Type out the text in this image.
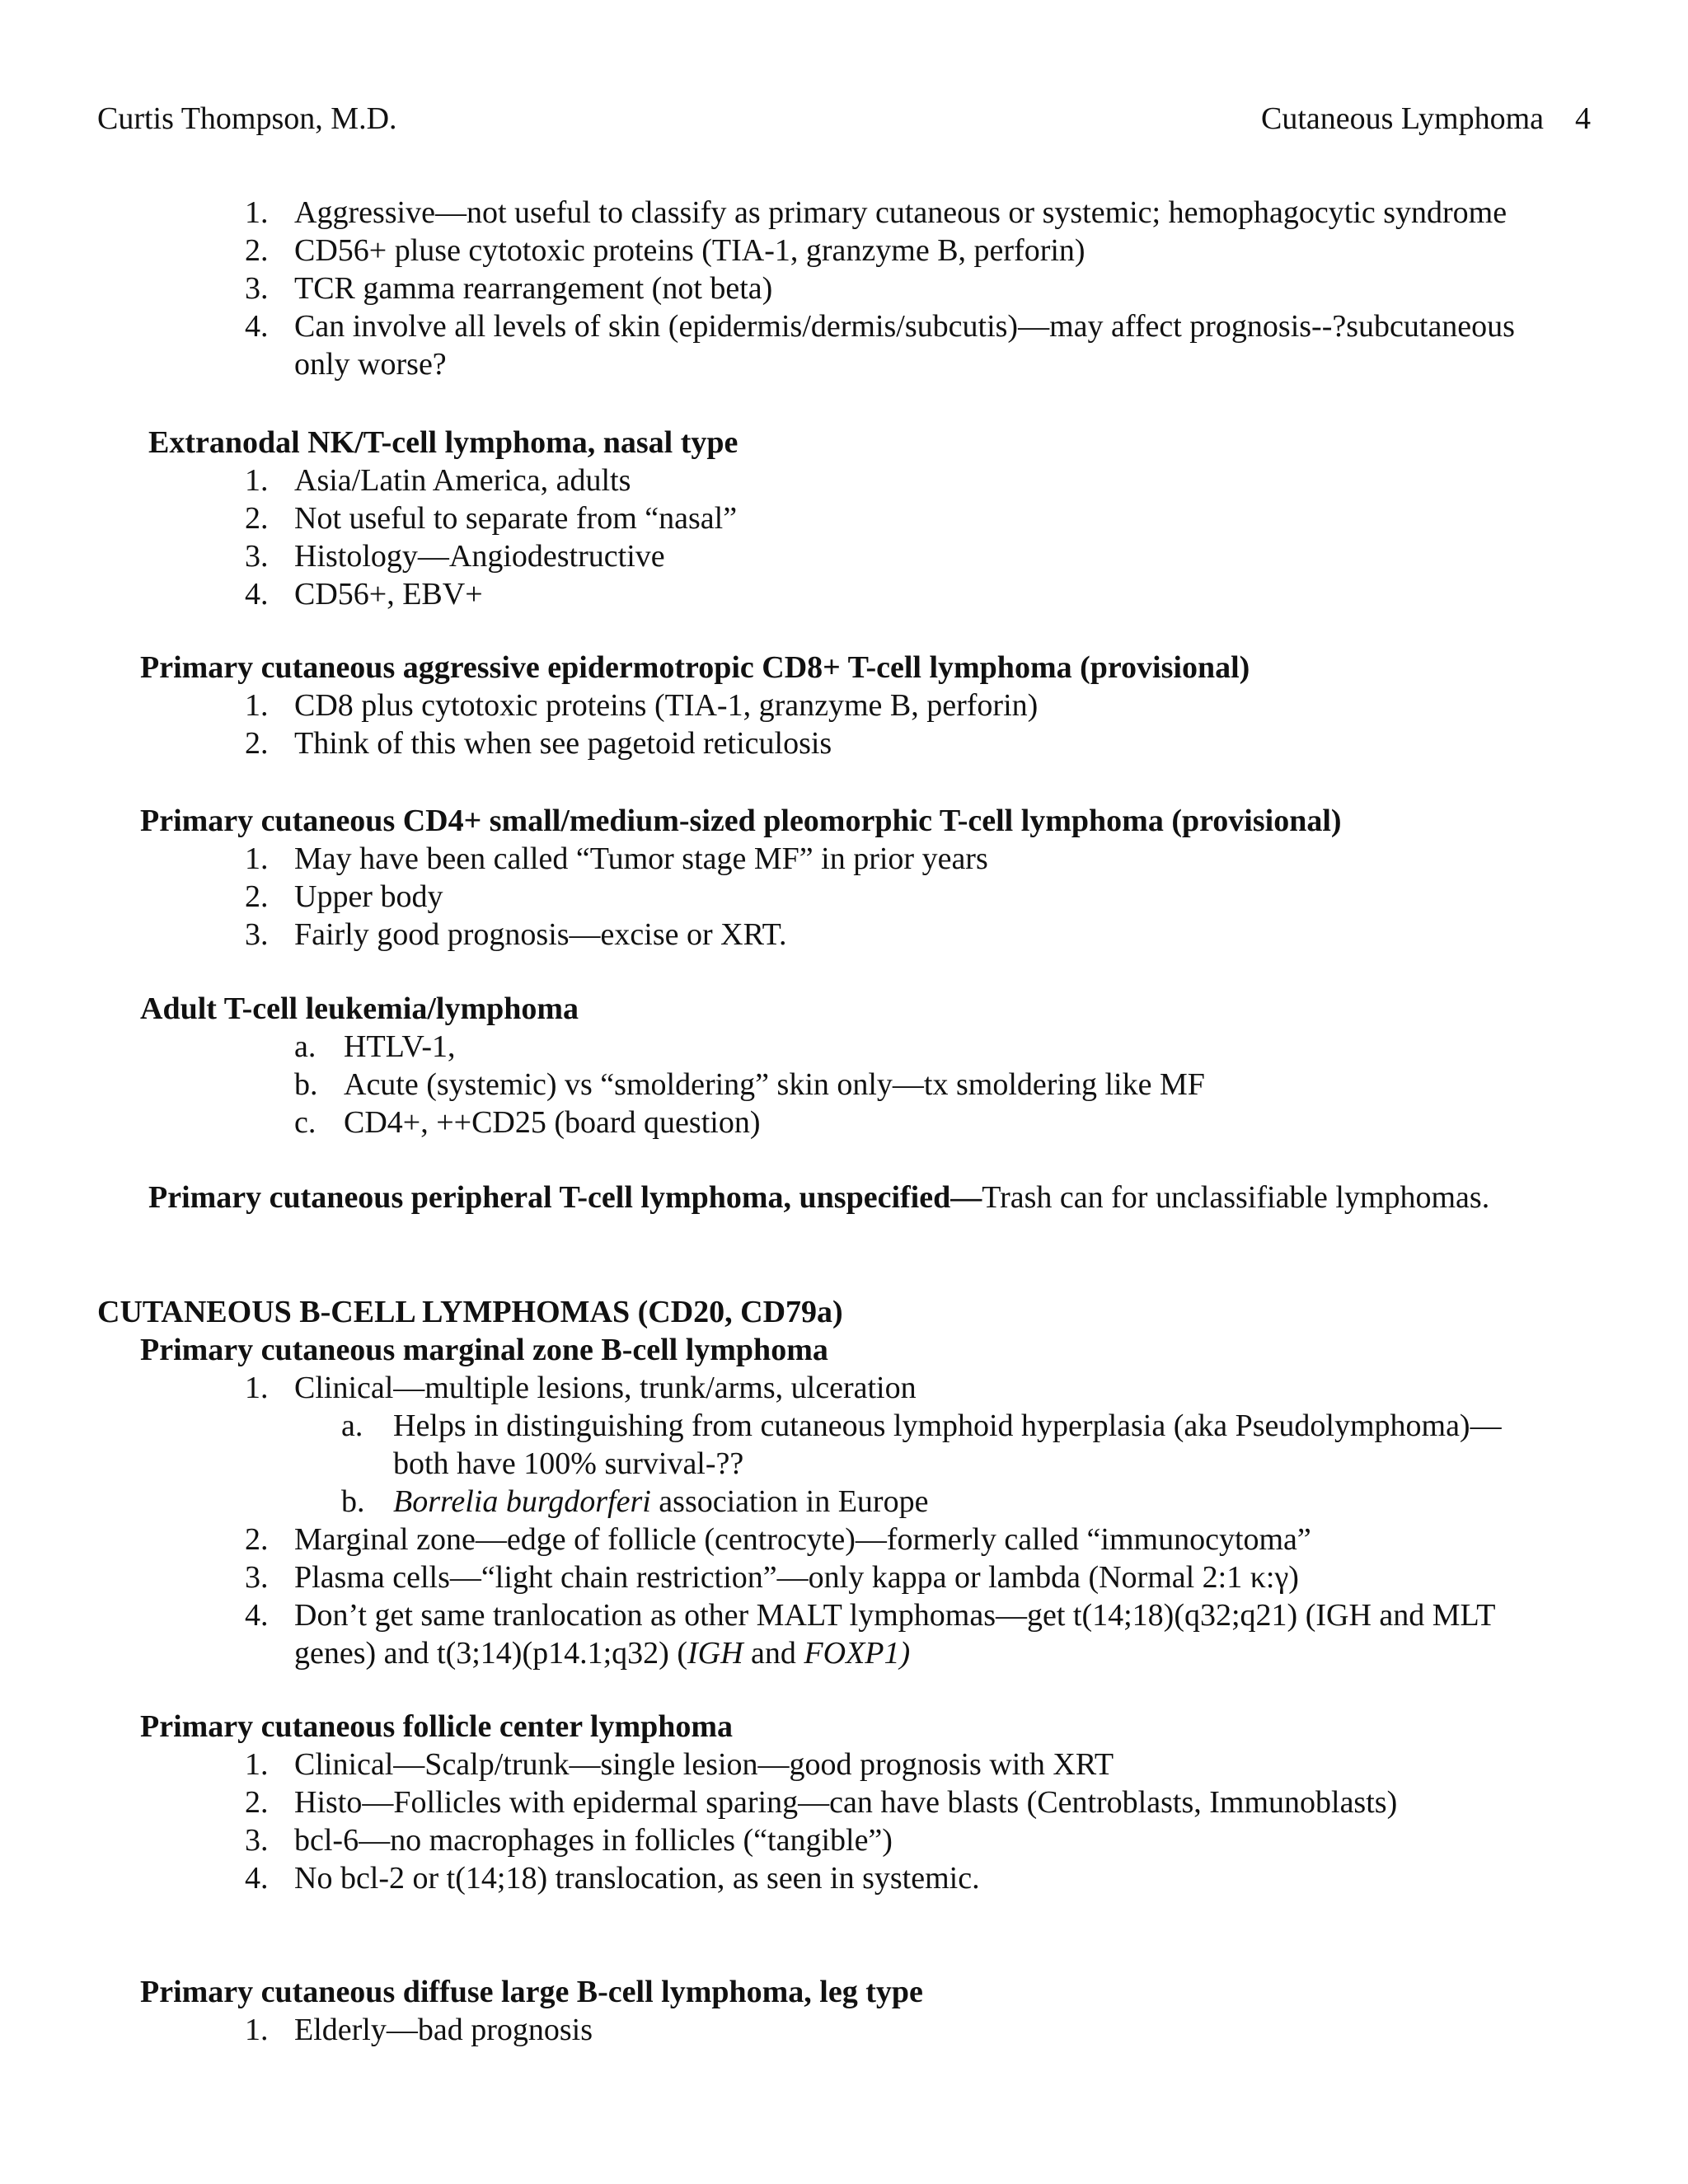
Curtis Thompson, M.D.	Cutaneous Lymphoma 4
1. Aggressive—not useful to classify as primary cutaneous or systemic; hemophagocytic syndrome
2. CD56+ pluse cytotoxic proteins (TIA-1, granzyme B, perforin)
3. TCR gamma rearrangement (not beta)
4. Can involve all levels of skin (epidermis/dermis/subcutis)—may affect prognosis--?subcutaneous
only worse?
Extranodal NK/T-cell lymphoma, nasal type
1. Asia/Latin America, adults
2. Not useful to separate from “nasal”
3. Histology—Angiodestructive
4. CD56+, EBV+
Primary cutaneous aggressive epidermotropic CD8+ T-cell lymphoma (provisional)
1. CD8 plus cytotoxic proteins (TIA-1, granzyme B, perforin)
2. Think of this when see pagetoid reticulosis
Primary cutaneous CD4+ small/medium-sized pleomorphic T-cell lymphoma (provisional)
1. May have been called “Tumor stage MF” in prior years
2. Upper body
3. Fairly good prognosis—excise or XRT.
Adult T-cell leukemia/lymphoma
a. HTLV-1,
b. Acute (systemic) vs “smoldering” skin only—tx smoldering like MF
c. CD4+, ++CD25 (board question)
Primary cutaneous peripheral T-cell lymphoma, unspecified—Trash can for unclassifiable lymphomas.
CUTANEOUS B-CELL LYMPHOMAS (CD20, CD79a)
Primary cutaneous marginal zone B-cell lymphoma
1. Clinical—multiple lesions, trunk/arms, ulceration
a. Helps in distinguishing from cutaneous lymphoid hyperplasia (aka Pseudolymphoma)—
both have 100% survival-??
b. Borrelia burgdorferi association in Europe
2. Marginal zone—edge of follicle (centrocyte)—formerly called “immunocytoma”
3. Plasma cells—“light chain restriction”—only kappa or lambda (Normal 2:1 κ:γ)
4. Don’t get same tranlocation as other MALT lymphomas—get t(14;18)(q32;q21) (IGH and MLT
genes) and t(3;14)(p14.1;q32) (IGH and FOXP1)
Primary cutaneous follicle center lymphoma
1. Clinical—Scalp/trunk—single lesion—good prognosis with XRT
2. Histo—Follicles with epidermal sparing—can have blasts (Centroblasts, Immunoblasts)
3. bcl-6—no macrophages in follicles (“tangible”)
4. No bcl-2 or t(14;18) translocation, as seen in systemic.
Primary cutaneous diffuse large B-cell lymphoma, leg type
1. Elderly—bad prognosis
